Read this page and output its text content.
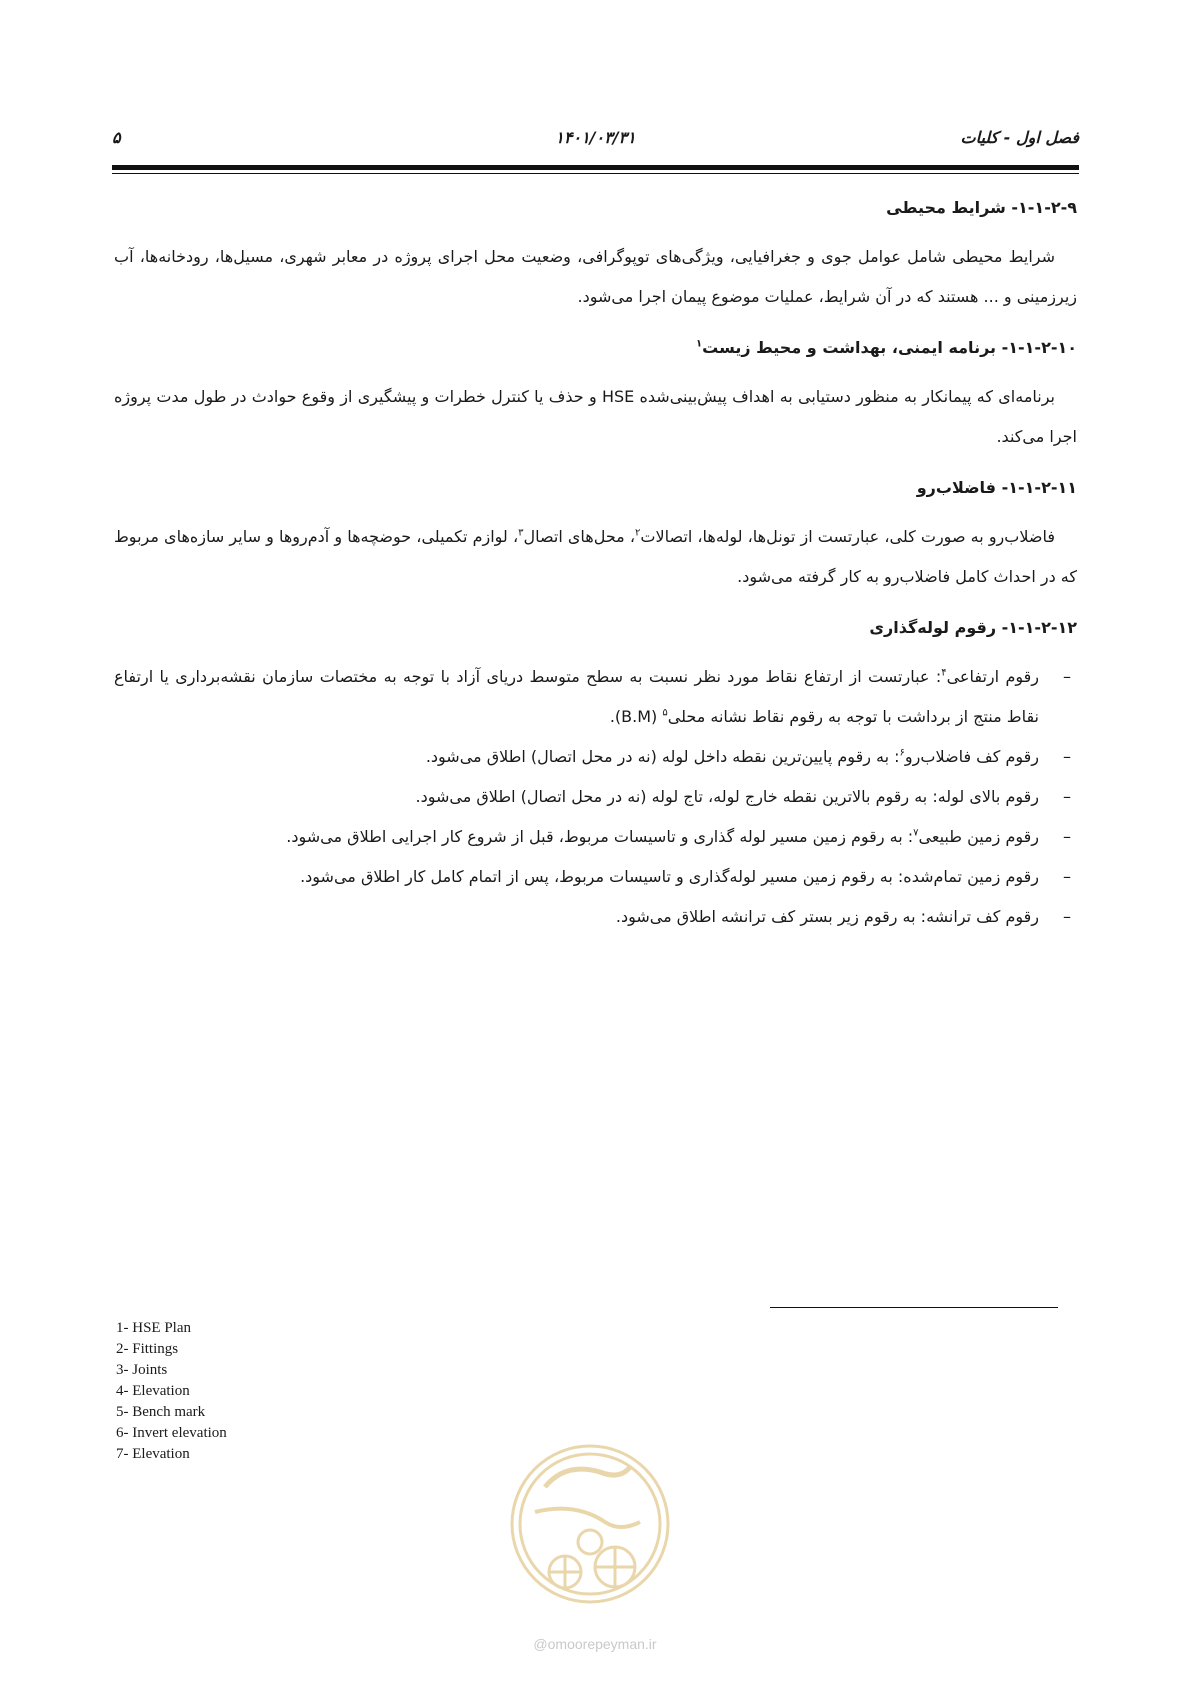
فصل اول - کلیات
۱۴۰۱/۰۳/۳۱
۵

۱-۱-۲-۹- شرایط محیطی

شرایط محیطی شامل عوامل جوی و جغرافیایی، ویژگی‌های توپوگرافی، وضعیت محل اجرای پروژه در معابر شهری، مسیل‌ها، رودخانه‌ها، آب زیرزمینی و ... هستند که در آن شرایط، عملیات موضوع پیمان اجرا می‌شود.

۱-۱-۲-۱۰- برنامه ایمنی، بهداشت و محیط زیست$^۱$

برنامه‌ای که پیمانکار به منظور دستیابی به اهداف پیش‌بینی‌شده HSE و حذف یا کنترل خطرات و پیشگیری از وقوع حوادث در طول مدت پروژه اجرا می‌کند.

۱-۱-۲-۱۱- فاضلاب‌رو

فاضلاب‌رو به صورت کلی، عبارتست از تونل‌ها، لوله‌ها، اتصالات$^۲$، محل‌های اتصال$^۳$، لوازم تکمیلی، حوضچه‌ها و آدم‌روها و سایر سازه‌های مربوط که در احداث کامل فاضلاب‌رو به کار گرفته می‌شود.

۱-۱-۲-۱۲- رقوم لوله‌گذاری

–
رقوم ارتفاعی$^۴$: عبارتست از ارتفاع نقاط مورد نظر نسبت به سطح متوسط دریای آزاد با توجه به مختصات سازمان نقشه‌برداری یا ارتفاع نقاط منتج از برداشت با توجه به رقوم نقاط نشانه محلی$^۵$ (B.M).
–
رقوم کف فاضلاب‌رو$^۶$: به رقوم پایین‌ترین نقطه داخل لوله (نه در محل اتصال) اطلاق می‌شود.
–
رقوم بالای لوله: به رقوم بالاترین نقطه خارج لوله، تاج لوله (نه در محل اتصال) اطلاق می‌شود.
–
رقوم زمین طبیعی$^۷$: به رقوم زمین مسیر لوله گذاری و تاسیسات مربوط، قبل از شروع کار اجرایی اطلاق می‌شود.
–
رقوم زمین تمام‌شده: به رقوم زمین مسیر لوله‌گذاری و تاسیسات مربوط، پس از اتمام کامل کار اطلاق می‌شود.
–
رقوم کف ترانشه: به رقوم زیر بستر کف ترانشه اطلاق می‌شود.
1- HSE Plan
2- Fittings
3- Joints
4- Elevation
5- Bench mark
6- Invert elevation
7- Elevation
@omoorepeyman.ir
